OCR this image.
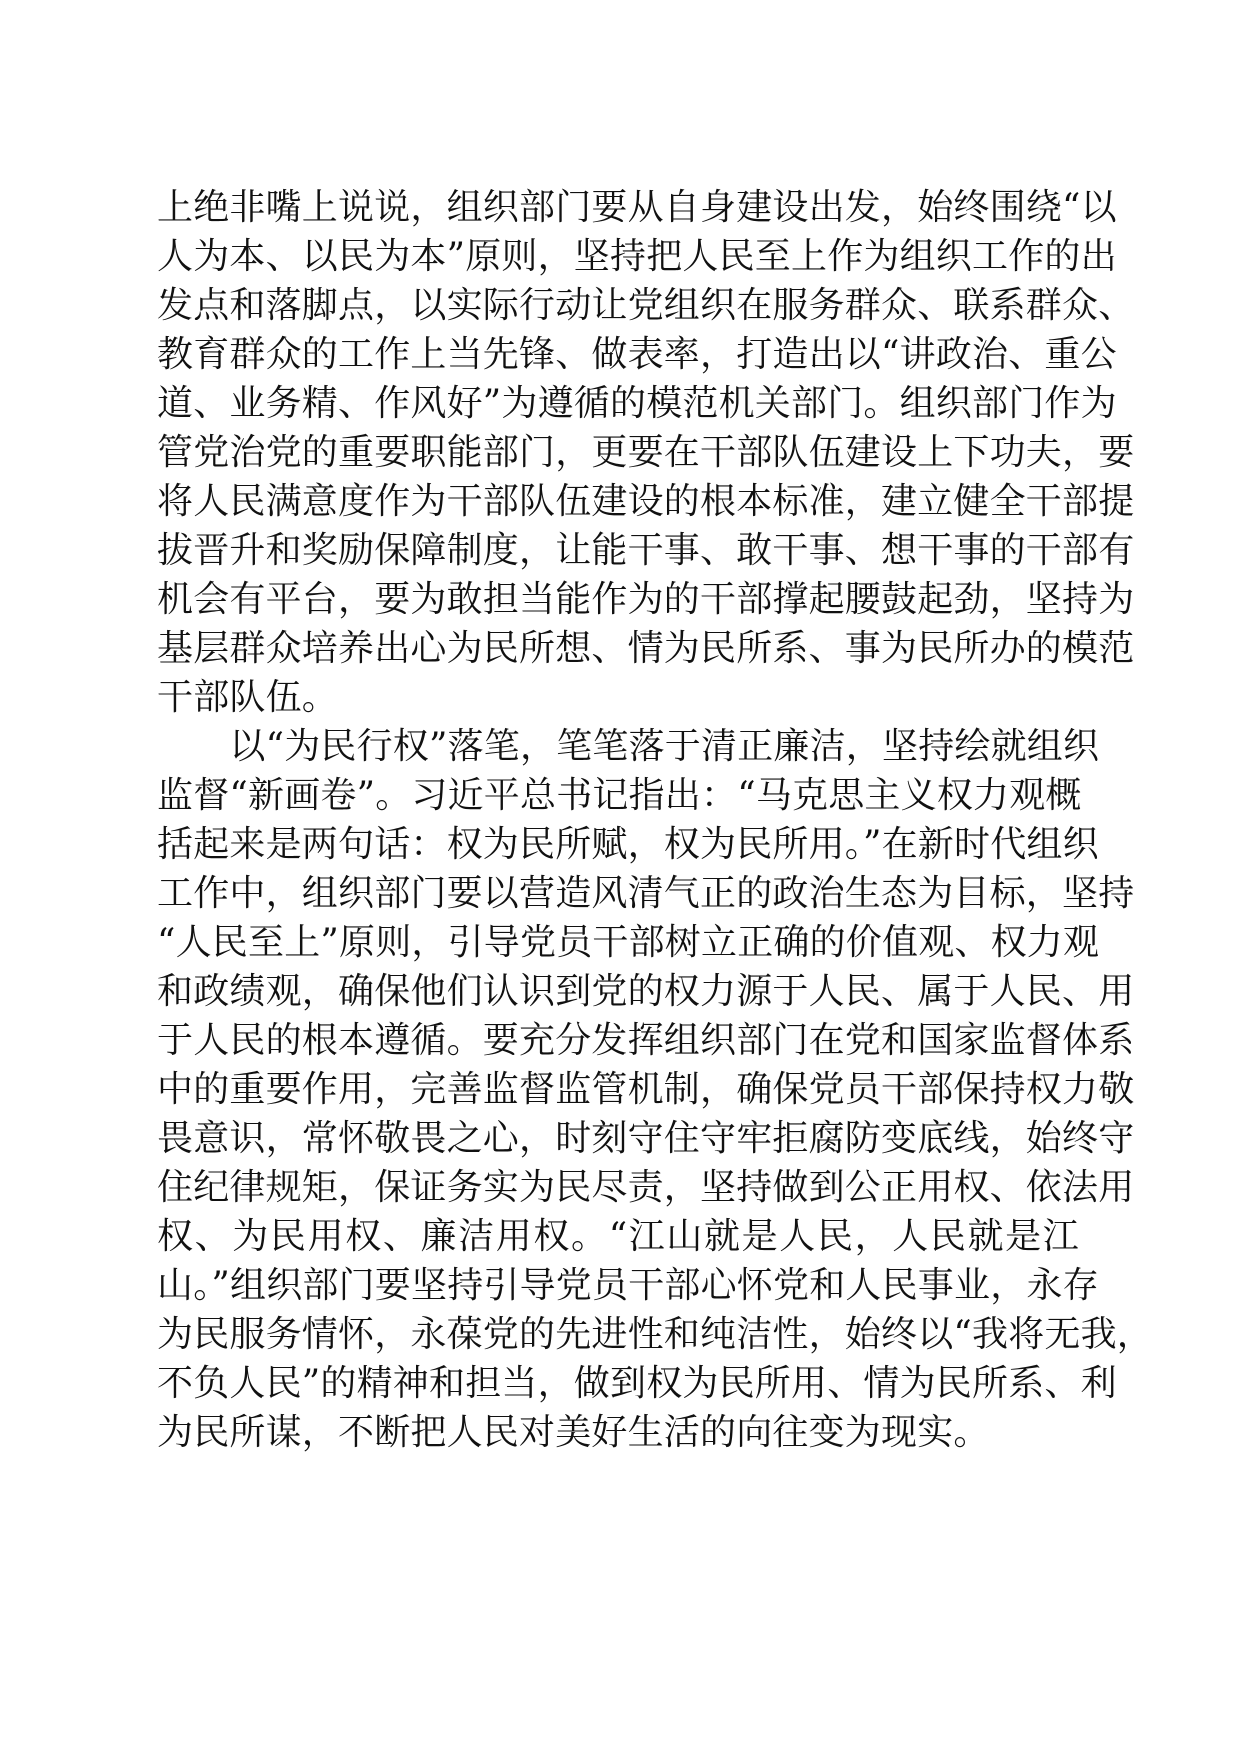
上绝非嘴上说说，组织部门要从自身建设出发，始终围绕“以
人为本、以民为本”原则，坚持把人民至上作为组织工作的出
发点和落脚点，以实际行动让党组织在服务群众、联系群众、
教育群众的工作上当先锋、做表率，打造出以“讲政治、重公
道、业务精、作风好”为遵循的模范机关部门。组织部门作为
管党治党的重要职能部门，更要在干部队伍建设上下功夫，要
将人民满意度作为干部队伍建设的根本标准，建立健全干部提
拔晋升和奖励保障制度，让能干事、敢干事、想干事的干部有
机会有平台，要为敢担当能作为的干部撑起腰鼓起劲，坚持为
基层群众培养出心为民所想、情为民所系、事为民所办的模范
干部队伍。
　　以“为民行权”落笔，笔笔落于清正廉洁，坚持绘就组织
监督“新画卷”。习近平总书记指出：“马克思主义权力观概
括起来是两句话：权为民所赋，权为民所用。”在新时代组织
工作中，组织部门要以营造风清气正的政治生态为目标，坚持
“人民至上”原则，引导党员干部树立正确的价值观、权力观
和政绩观，确保他们认识到党的权力源于人民、属于人民、用
于人民的根本遵循。要充分发挥组织部门在党和国家监督体系
中的重要作用，完善监督监管机制，确保党员干部保持权力敬
畏意识，常怀敬畏之心，时刻守住守牢拒腐防变底线，始终守
住纪律规矩，保证务实为民尽责，坚持做到公正用权、依法用
权、为民用权、廉洁用权。“江山就是人民，人民就是江
山。”组织部门要坚持引导党员干部心怀党和人民事业，永存
为民服务情怀，永葆党的先进性和纯洁性，始终以“我将无我，
不负人民”的精神和担当，做到权为民所用、情为民所系、利
为民所谋，不断把人民对美好生活的向往变为现实。
